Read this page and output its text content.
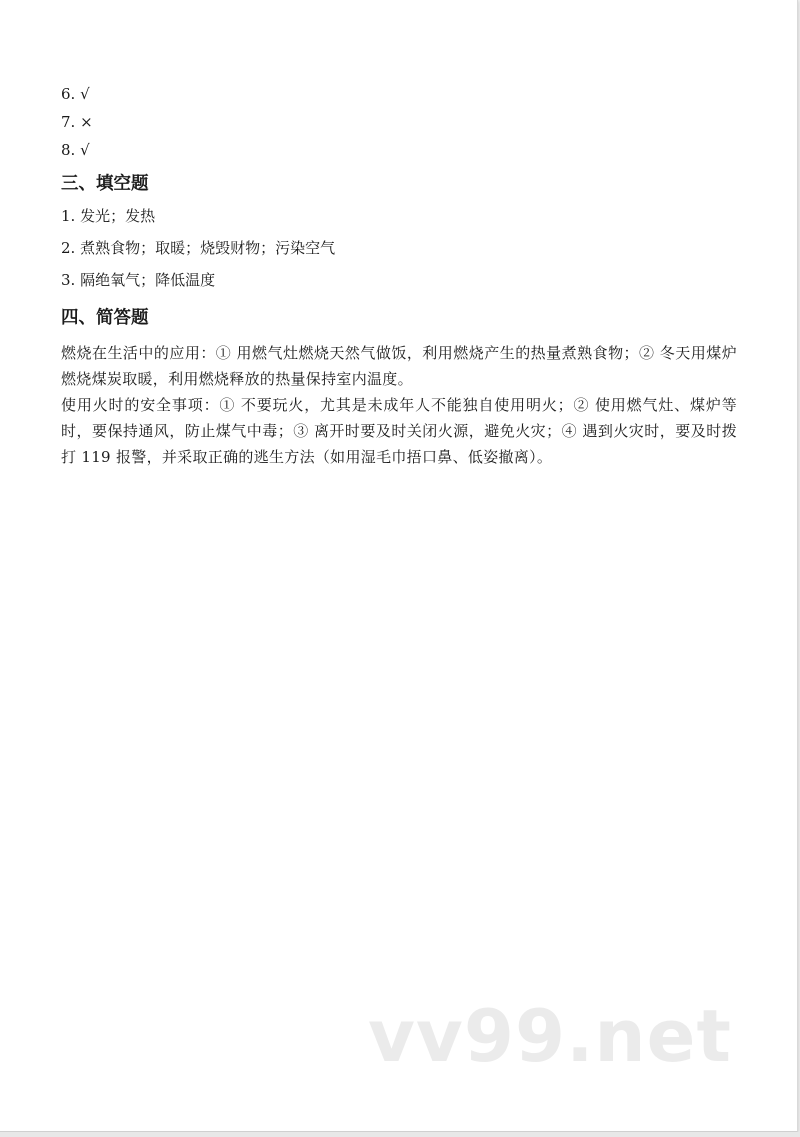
6. √

7. ×

8. √

三、填空题

1. 发光；发热

2. 煮熟食物；取暖；烧毁财物；污染空气

3. 隔绝氧气；降低温度

四、简答题

燃烧在生活中的应用：① 用燃气灶燃烧天然气做饭，利用燃烧产生的热量煮熟食物；② 冬天用煤炉燃烧煤炭取暖，利用燃烧释放的热量保持室内温度。

使用火时的安全事项：① 不要玩火，尤其是未成年人不能独自使用明火；② 使用燃气灶、煤炉等时，要保持通风，防止煤气中毒；③ 离开时要及时关闭火源，避免火灾；④ 遇到火灾时，要及时拨打 119 报警，并采取正确的逃生方法（如用湿毛巾捂口鼻、低姿撤离）。

vv99.net
